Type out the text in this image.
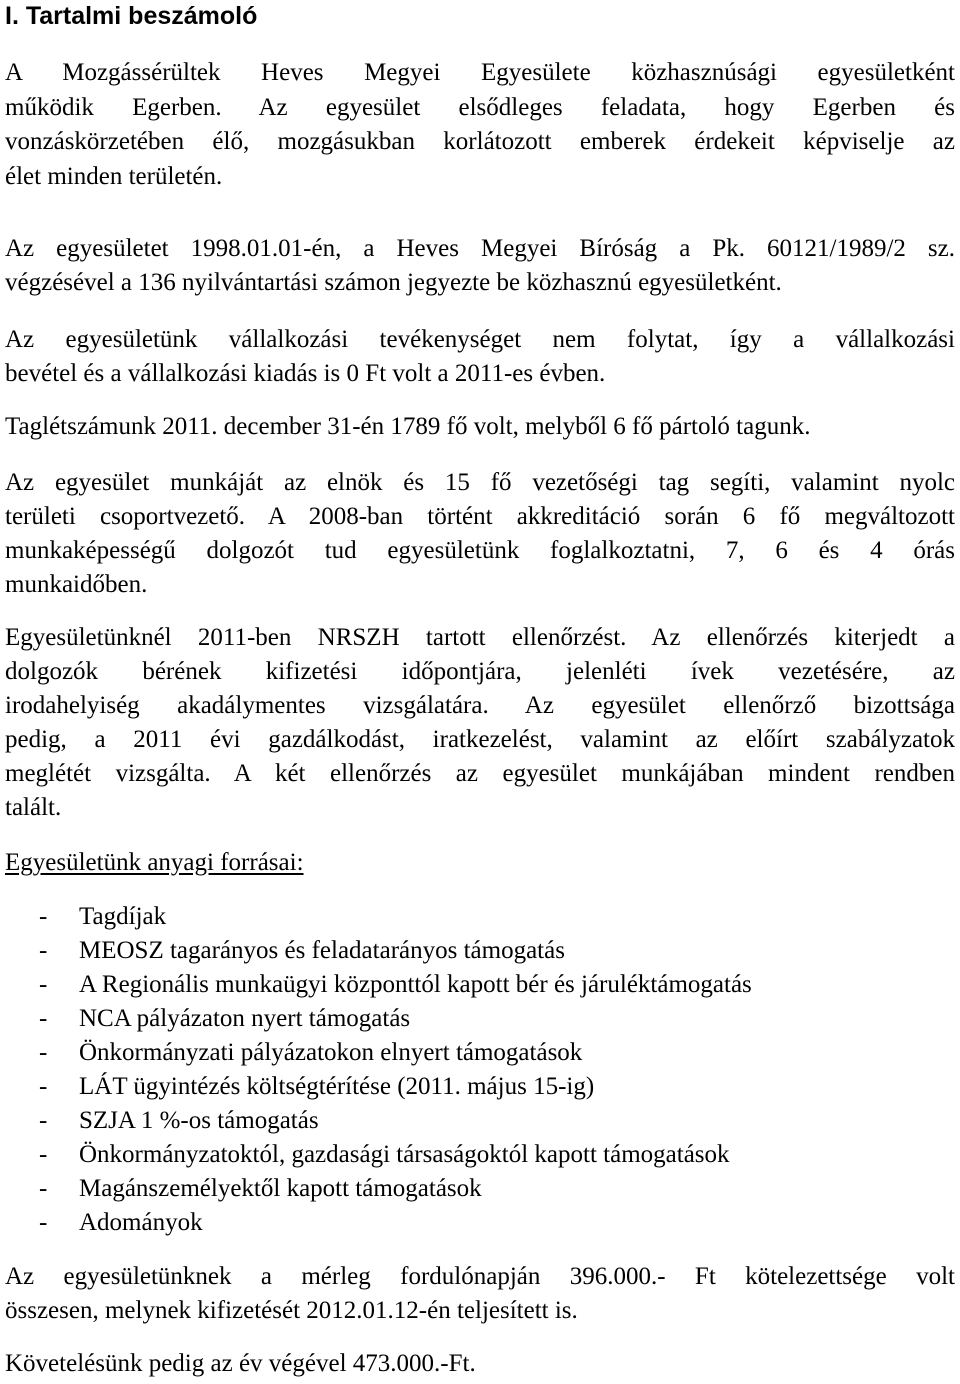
I. Tartalmi beszámoló
A Mozgássérültek Heves Megyei Egyesülete közhasznúsági egyesületként
működik Egerben. Az egyesület elsődleges feladata, hogy Egerben és
vonzáskörzetében élő, mozgásukban korlátozott emberek érdekeit képviselje az
élet minden területén.
Az egyesületet 1998.01.01-én, a Heves Megyei Bíróság a Pk. 60121/1989/2 sz.
végzésével a 136 nyilvántartási számon jegyezte be közhasznú egyesületként.
Az egyesületünk vállalkozási tevékenységet nem folytat, így a vállalkozási
bevétel és a vállalkozási kiadás is 0 Ft volt a 2011-es évben.
Taglétszámunk 2011. december 31-én 1789 fő volt, melyből 6 fő pártoló tagunk.
Az egyesület munkáját az elnök és 15 fő vezetőségi tag segíti, valamint nyolc
területi csoportvezető. A 2008-ban történt akkreditáció során 6 fő megváltozott
munkaképességű dolgozót tud egyesületünk foglalkoztatni, 7, 6 és 4 órás
munkaidőben.
Egyesületünknél 2011-ben NRSZH tartott ellenőrzést. Az ellenőrzés kiterjedt a
dolgozók bérének kifizetési időpontjára, jelenléti ívek vezetésére, az
irodahelyiség akadálymentes vizsgálatára. Az egyesület ellenőrző bizottsága
pedig, a 2011 évi gazdálkodást, iratkezelést, valamint az előírt szabályzatok
meglétét vizsgálta. A két ellenőrzés az egyesület munkájában mindent rendben
talált.
Egyesületünk anyagi forrásai:
- Tagdíjak
- MEOSZ tagarányos és feladatarányos támogatás
- A Regionális munkaügyi központtól kapott bér és járuléktámogatás
- NCA pályázaton nyert támogatás
- Önkormányzati pályázatokon elnyert támogatások
- LÁT ügyintézés költségtérítése (2011. május 15-ig)
- SZJA 1 %-os támogatás
- Önkormányzatoktól, gazdasági társaságoktól kapott támogatások
- Magánszemélyektől kapott támogatások
- Adományok
Az egyesületünknek a mérleg fordulónapján 396.000.- Ft kötelezettsége volt
összesen, melynek kifizetését 2012.01.12-én teljesített is.
Követelésünk pedig az év végével 473.000.-Ft.
